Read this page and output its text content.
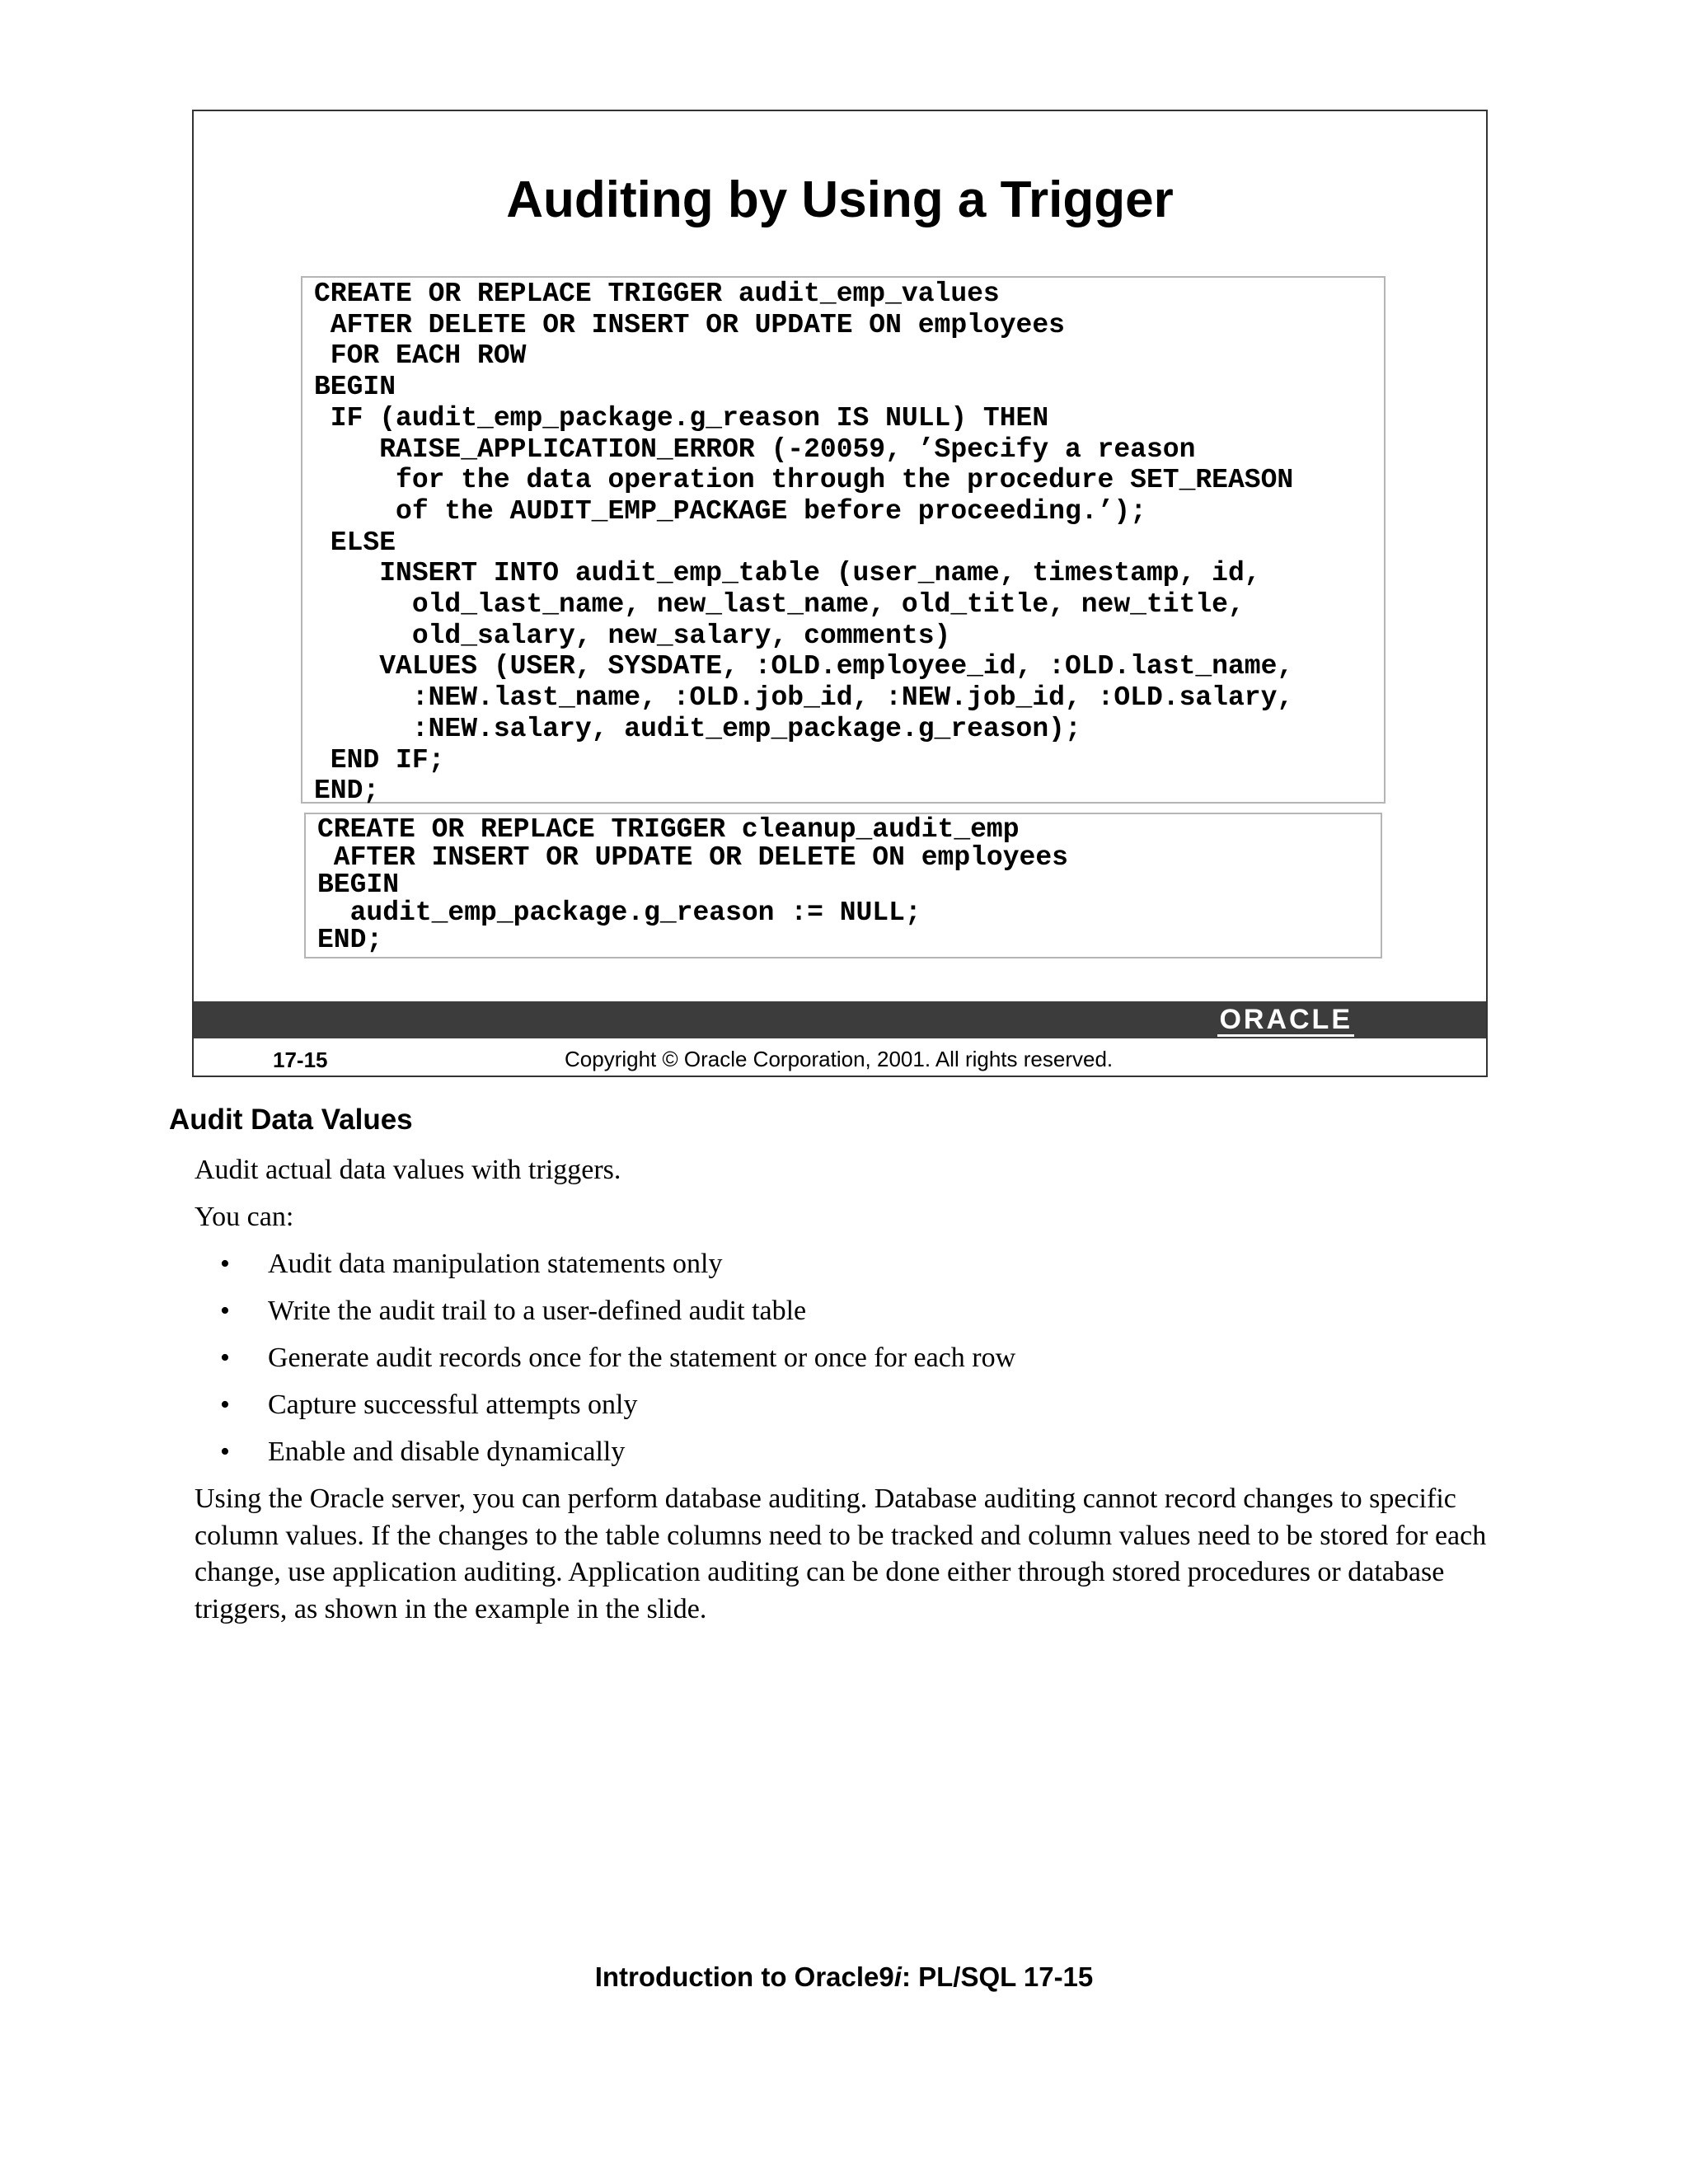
Auditing by Using a Trigger
CREATE OR REPLACE TRIGGER audit_emp_values
AFTER DELETE OR INSERT OR UPDATE ON employees
FOR EACH ROW
BEGIN
IF (audit_emp_package.g_reason IS NULL) THEN
RAISE_APPLICATION_ERROR (-20059, ’Specify a reason
for the data operation through the procedure SET_REASON
of the AUDIT_EMP_PACKAGE before proceeding.’);
ELSE
INSERT INTO audit_emp_table (user_name, timestamp, id,
old_last_name, new_last_name, old_title, new_title,
old_salary, new_salary, comments)
VALUES (USER, SYSDATE, :OLD.employee_id, :OLD.last_name,
:NEW.last_name, :OLD.job_id, :NEW.job_id, :OLD.salary,
:NEW.salary, audit_emp_package.g_reason);
END IF;
END;
CREATE OR REPLACE TRIGGER cleanup_audit_emp
AFTER INSERT OR UPDATE OR DELETE ON employees
BEGIN
audit_emp_package.g_reason := NULL;
END;
ORACLE
17-15	Copyright © Oracle Corporation, 2001. All rights reserved.
Audit Data Values

Audit actual data values with triggers.

You can:

• Audit data manipulation statements only
• Write the audit trail to a user-defined audit table
• Generate audit records once for the statement or once for each row
• Capture successful attempts only
• Enable and disable dynamically

Using the Oracle server, you can perform database auditing. Database auditing cannot record changes to specific column values. If the changes to the table columns need to be tracked and column values need to be stored for each change, use application auditing. Application auditing can be done either through stored procedures or database triggers, as shown in the example in the slide.

Introduction to Oracle9i: PL/SQL 17-15
